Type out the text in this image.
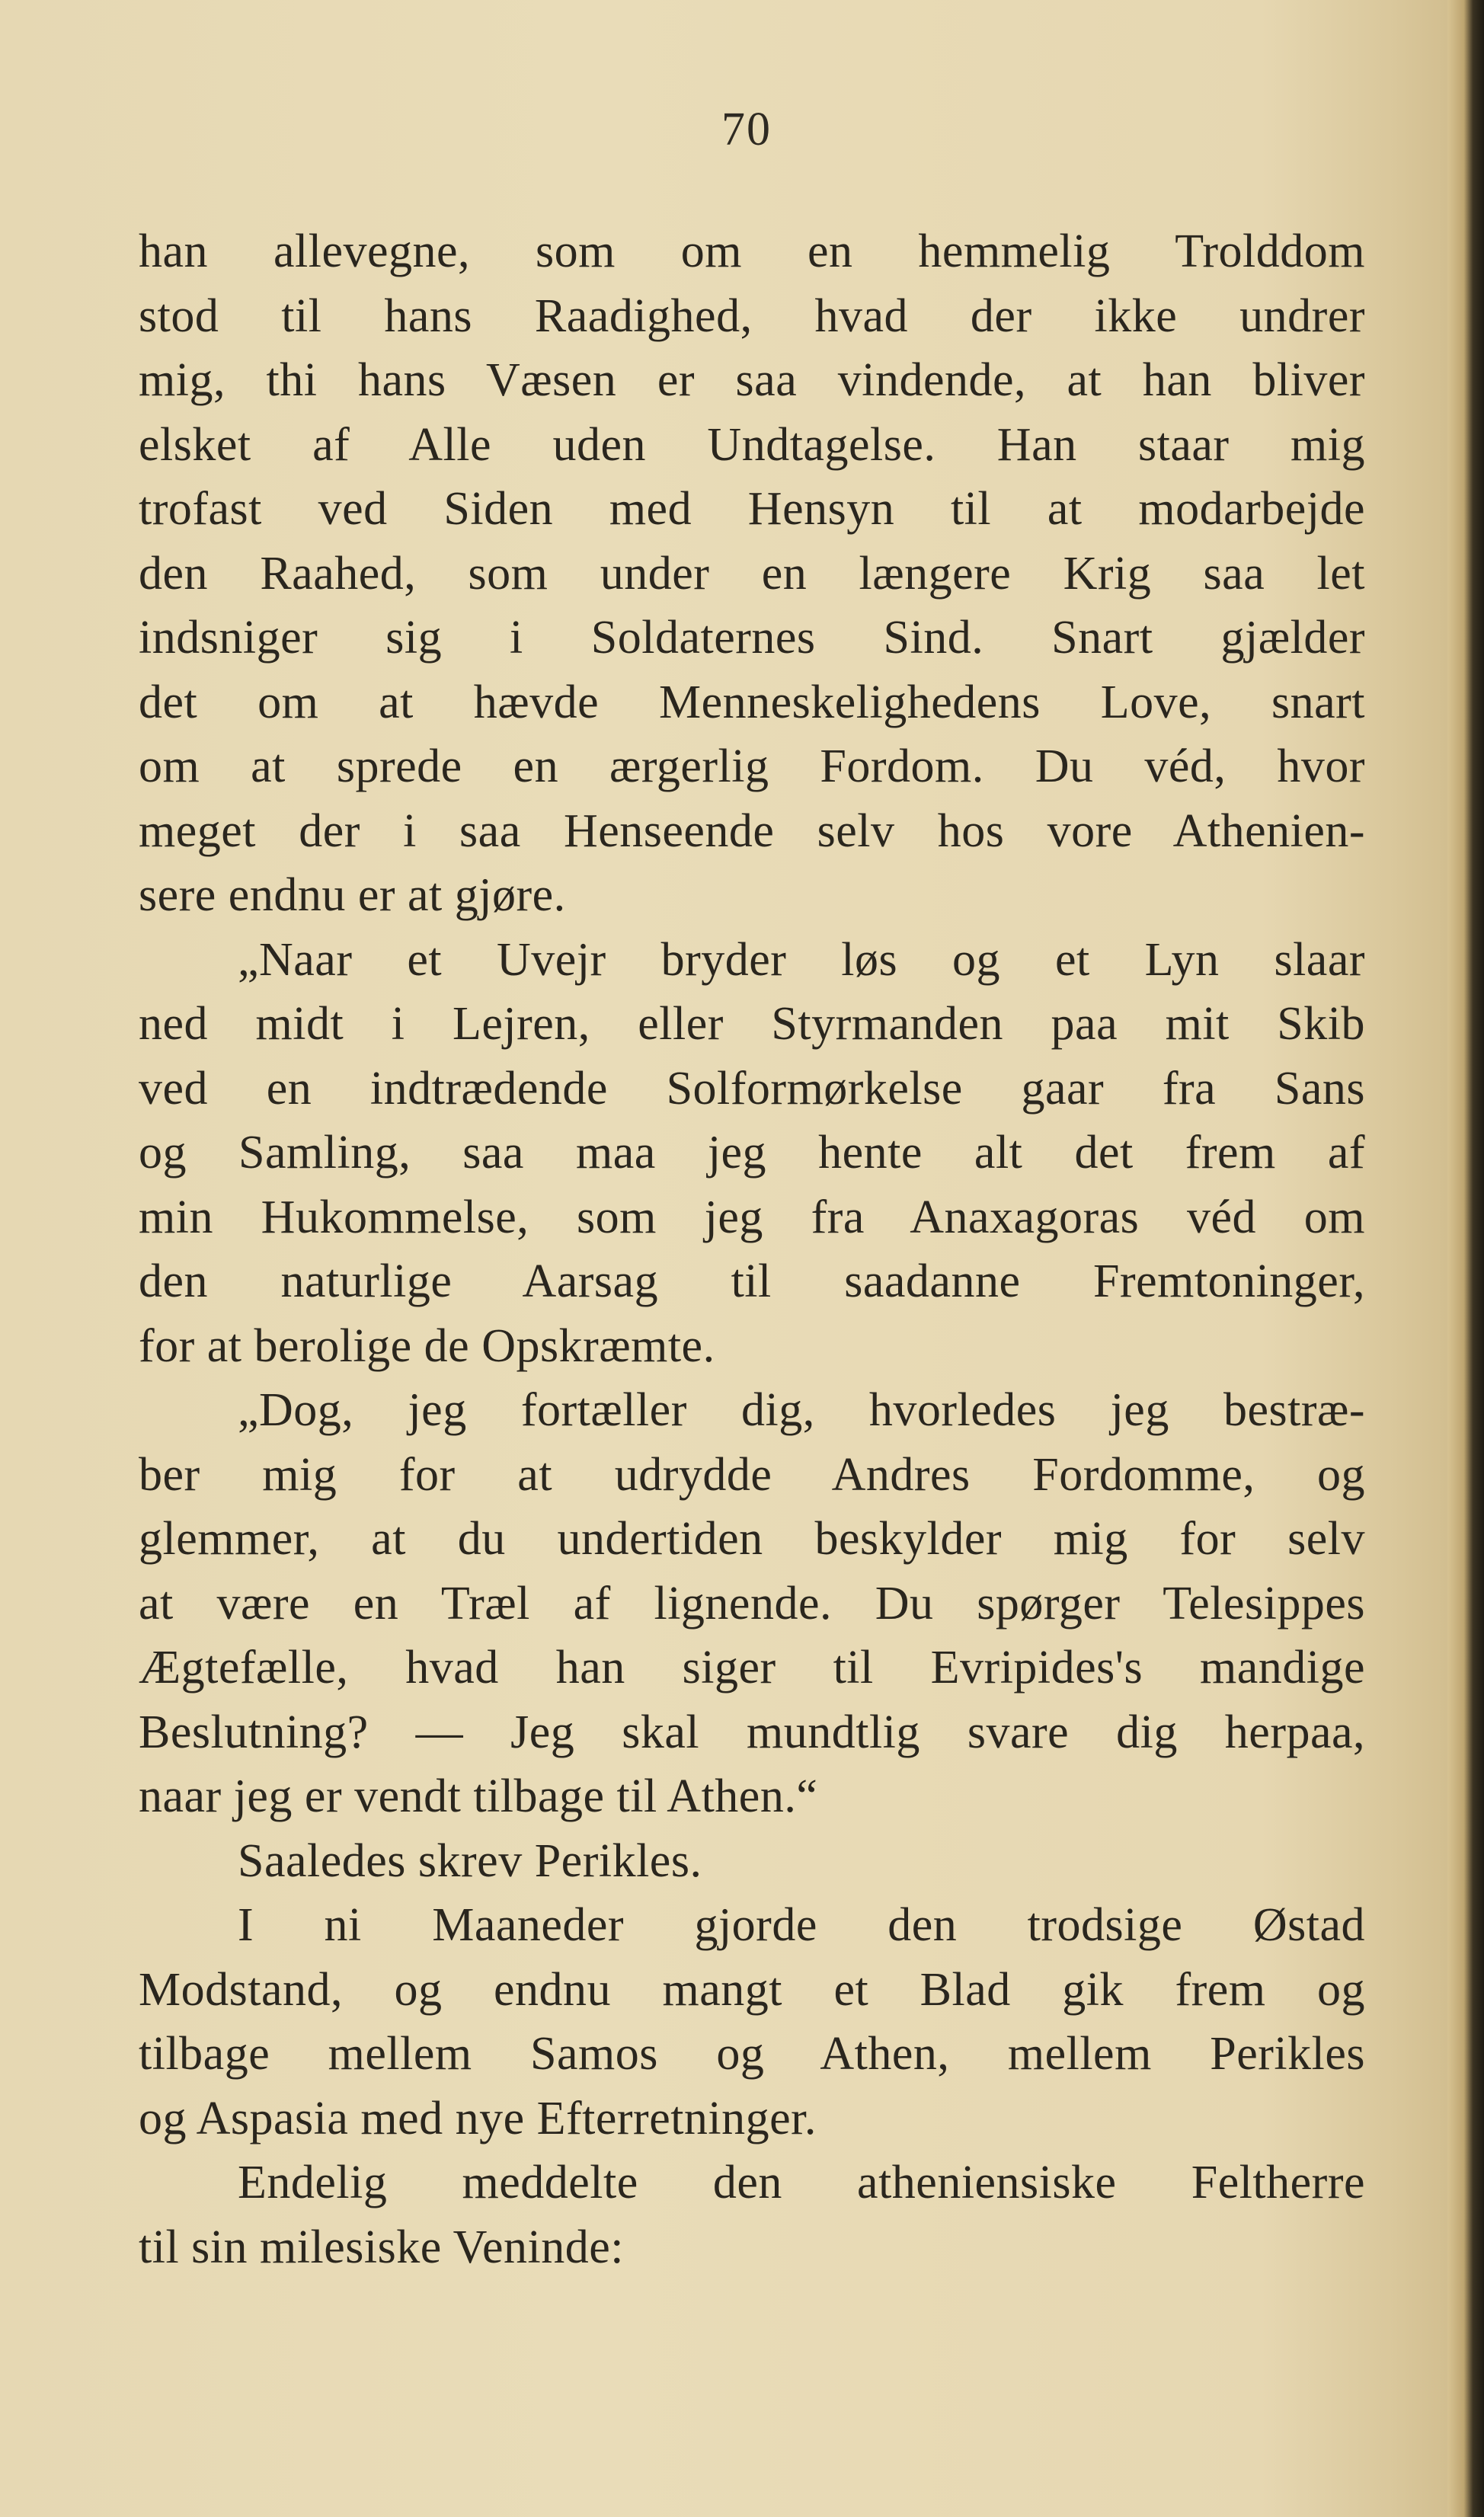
70
han allevegne, som om en hemmelig Trolddom
stod til hans Raadighed, hvad der ikke undrer
mig, thi hans Væsen er saa vindende, at han bliver
elsket af Alle uden Undtagelse. Han staar mig
trofast ved Siden med Hensyn til at modarbejde
den Raahed, som under en længere Krig saa let
indsniger sig i Soldaternes Sind. Snart gjælder
det om at hævde Menneskelighedens Love, snart
om at sprede en ærgerlig Fordom. Du véd, hvor
meget der i saa Henseende selv hos vore Athenien-
sere endnu er at gjøre.
„Naar et Uvejr bryder løs og et Lyn slaar
ned midt i Lejren, eller Styrmanden paa mit Skib
ved en indtrædende Solformørkelse gaar fra Sans
og Samling, saa maa jeg hente alt det frem af
min Hukommelse, som jeg fra Anaxagoras véd om
den naturlige Aarsag til saadanne Fremtoninger,
for at berolige de Opskræmte.
„Dog, jeg fortæller dig, hvorledes jeg bestræ-
ber mig for at udrydde Andres Fordomme, og
glemmer, at du undertiden beskylder mig for selv
at være en Træl af lignende. Du spørger Telesippes
Ægtefælle, hvad han siger til Evripides's mandige
Beslutning? — Jeg skal mundtlig svare dig herpaa,
naar jeg er vendt tilbage til Athen.“
Saaledes skrev Perikles.
I ni Maaneder gjorde den trodsige Østad
Modstand, og endnu mangt et Blad gik frem og
tilbage mellem Samos og Athen, mellem Perikles
og Aspasia med nye Efterretninger.
Endelig meddelte den atheniensiske Feltherre
til sin milesiske Veninde:
